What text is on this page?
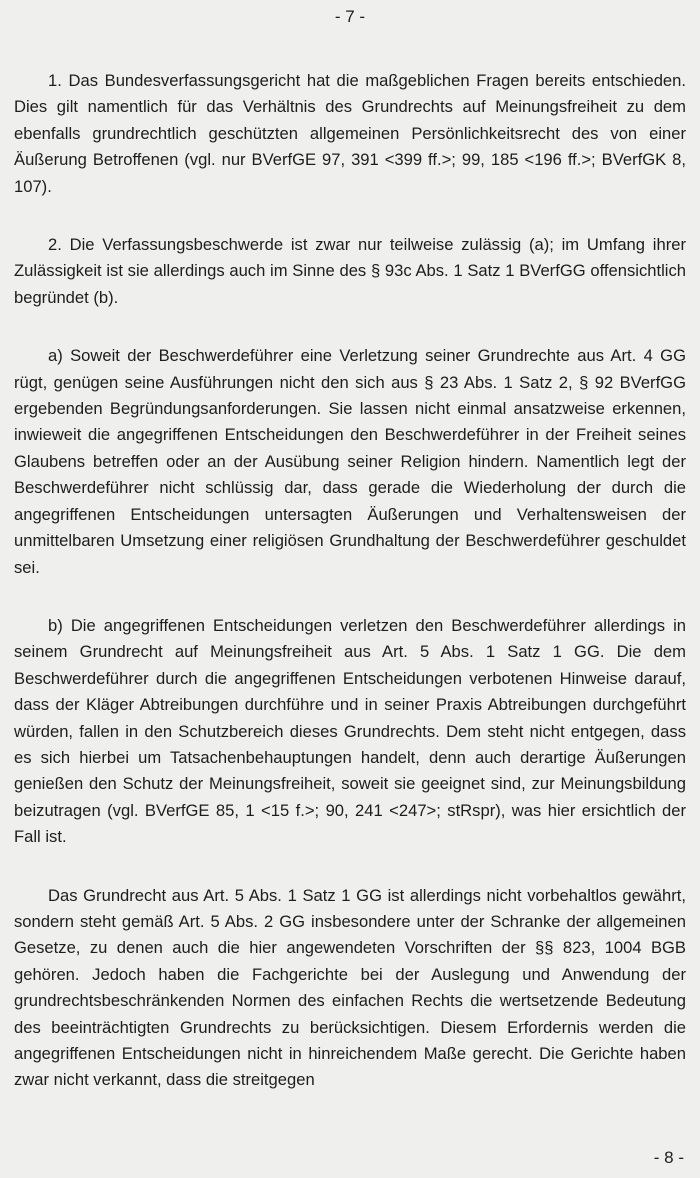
- 7 -

1. Das Bundesverfassungsgericht hat die maßgeblichen Fragen bereits entschieden. Dies gilt namentlich für das Verhältnis des Grundrechts auf Meinungsfreiheit zu dem ebenfalls grundrechtlich geschützten allgemeinen Persönlichkeitsrecht des von einer Äußerung Betroffenen (vgl. nur BVerfGE 97, 391 <399 ff.>; 99, 185 <196 ff.>; BVerfGK 8, 107).

2. Die Verfassungsbeschwerde ist zwar nur teilweise zulässig (a); im Umfang ihrer Zulässigkeit ist sie allerdings auch im Sinne des § 93c Abs. 1 Satz 1 BVerfGG offensichtlich begründet (b).

a) Soweit der Beschwerdeführer eine Verletzung seiner Grundrechte aus Art. 4 GG rügt, genügen seine Ausführungen nicht den sich aus § 23 Abs. 1 Satz 2, § 92 BVerfGG ergebenden Begründungsanforderungen. Sie lassen nicht einmal ansatzweise erkennen, inwieweit die angegriffenen Entscheidungen den Beschwerdeführer in der Freiheit seines Glaubens betreffen oder an der Ausübung seiner Religion hindern. Namentlich legt der Beschwerdeführer nicht schlüssig dar, dass gerade die Wiederholung der durch die angegriffenen Entscheidungen untersagten Äußerungen und Verhaltensweisen der unmittelbaren Umsetzung einer religiösen Grundhaltung der Beschwerdeführer geschuldet sei.

b) Die angegriffenen Entscheidungen verletzen den Beschwerdeführer allerdings in seinem Grundrecht auf Meinungsfreiheit aus Art. 5 Abs. 1 Satz 1 GG. Die dem Beschwerdeführer durch die angegriffenen Entscheidungen verbotenen Hinweise darauf, dass der Kläger Abtreibungen durchführe und in seiner Praxis Abtreibungen durchgeführt würden, fallen in den Schutzbereich dieses Grundrechts. Dem steht nicht entgegen, dass es sich hierbei um Tatsachenbehauptungen handelt, denn auch derartige Äußerungen genießen den Schutz der Meinungsfreiheit, soweit sie geeignet sind, zur Meinungsbildung beizutragen (vgl. BVerfGE 85, 1 <15 f.>; 90, 241 <247>; stRspr), was hier ersichtlich der Fall ist.

Das Grundrecht aus Art. 5 Abs. 1 Satz 1 GG ist allerdings nicht vorbehaltlos gewährt, sondern steht gemäß Art. 5 Abs. 2 GG insbesondere unter der Schranke der allgemeinen Gesetze, zu denen auch die hier angewendeten Vorschriften der §§ 823, 1004 BGB gehören. Jedoch haben die Fachgerichte bei der Auslegung und Anwendung der grundrechtsbeschränkenden Normen des einfachen Rechts die wertsetzende Bedeutung des beeinträchtigten Grundrechts zu berücksichtigen. Diesem Erfordernis werden die angegriffenen Entscheidungen nicht in hinreichendem Maße gerecht. Die Gerichte haben zwar nicht verkannt, dass die streitgegen

- 8 -
